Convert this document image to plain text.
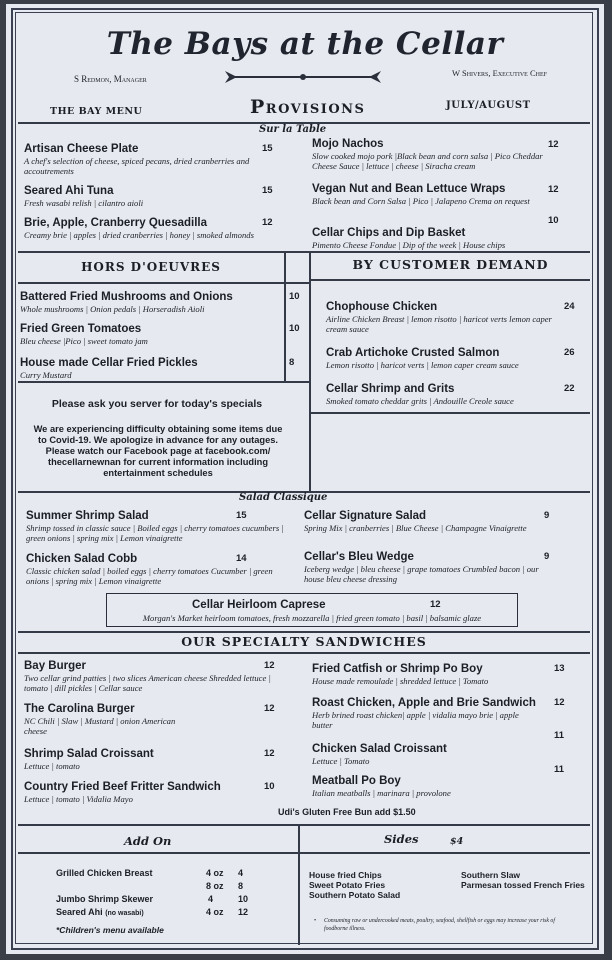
The Bays at the Cellar
S Redmon, Manager
W Shivers, Executive Chef
THE BAY MENU	Provisions	JULY/AUGUST
Sur la Table
Artisan Cheese Plate
A chef's selection of cheese, spiced pecans, dried cranberries and accoutrements
15
Seared Ahi Tuna
Fresh wasabi relish | cilantro aioli
15
Brie, Apple, Cranberry Quesadilla
Creamy brie | apples | dried cranberries | honey | smoked almonds
12
Mojo Nachos
Slow cooked mojo pork |Black bean and corn salsa | Pico Cheddar Cheese Sauce | lettuce | cheese | Siracha cream
12
Vegan Nut and Bean Lettuce Wraps
Black bean and Corn Salsa | Pico | Jalapeno Crema on request
12
Cellar Chips and Dip Basket
Pimento Cheese Fondue | Dip of the week | House chips
10
HORS D'OEUVRES	BY CUSTOMER DEMAND
Battered Fried Mushrooms and Onions
Whole mushrooms | Onion pedals | Horseradish Aioli
10
Fried Green Tomatoes
Bleu cheese |Pico | sweet tomato jam
10
House made Cellar Fried Pickles
Curry Mustard
8
Chophouse Chicken
Airline Chicken Breast | lemon risotto | haricot verts lemon caper cream sauce
24
Crab Artichoke Crusted Salmon
Lemon risotto | haricot verts | lemon caper cream sauce
26
Cellar Shrimp and Grits
Smoked tomato cheddar grits | Andouille Creole sauce
22
Please ask you server for today's specials
We are experiencing difficulty obtaining some items due to Covid-19. We apologize in advance for any outages. Please watch our Facebook page at facebook.com/ thecellarnewnan for current information including entertainment schedules
Salad Classique
Summer Shrimp Salad
Shrimp tossed in classic sauce | Boiled eggs | cherry tomatoes cucumbers | green onions | spring mix | Lemon vinaigrette
15
Chicken Salad Cobb
Classic chicken salad | boiled eggs | cherry tomatoes Cucumber | green onions | spring mix | Lemon vinaigrette
14
Cellar Signature Salad
Spring Mix | cranberries | Blue Cheese | Champagne Vinaigrette
9
Cellar's Bleu Wedge
Iceberg wedge | bleu cheese | grape tomatoes Crumbled bacon | our house bleu cheese dressing
9
Cellar Heirloom Caprese	12
Morgan's Market heirloom tomatoes, fresh mozzarella | fried green tomato | basil | balsamic glaze
OUR SPECIALTY SANDWICHES
Bay Burger
Two cellar grind patties | two slices American cheese Shredded lettuce | tomato | dill pickles | Cellar sauce
12
The Carolina Burger
NC Chili | Slaw | Mustard | onion American cheese
12
Shrimp Salad Croissant
Lettuce | tomato
12
Country Fried Beef Fritter Sandwich
Lettuce | tomato | Vidalia Mayo
10
Fried Catfish or Shrimp Po Boy
House made remoulade | shredded lettuce | Tomato
13
Roast Chicken, Apple and Brie Sandwich
Herb brined roast chicken| apple | vidalia mayo brie | apple butter
12
11
Chicken Salad Croissant
Lettuce | Tomato
11
Meatball Po Boy
Italian meatballs | marinara | provolone
Udi's Gluten Free Bun add $1.50
Add On	Sides	$4
Grilled Chicken Breast	4 oz 4
8 oz 8
Jumbo Shrimp Skewer	4	10
Seared Ahi (no wasabi)	4 oz 12
*Children's menu available
House fried Chips
Sweet Potato Fries
Southern Potato Salad
Southern Slaw
Parmesan tossed French Fries
• Consuming raw or undercooked meats, poultry, seafood, shellfish or eggs may increase your risk of foodborne illness.
